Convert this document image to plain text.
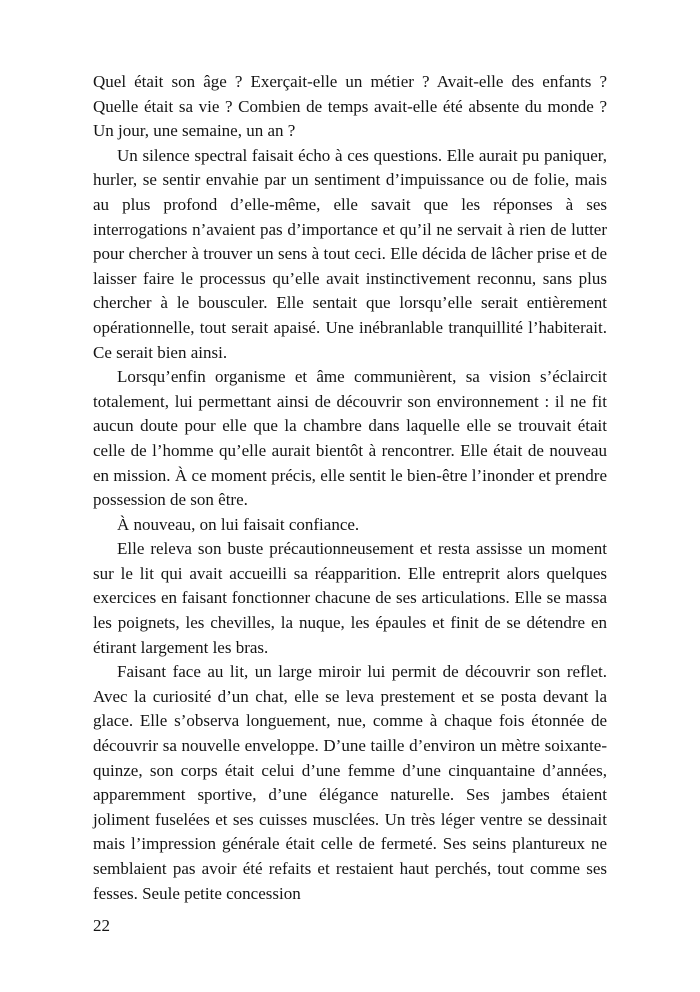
Quel était son âge ? Exerçait-elle un métier ? Avait-elle des enfants ? Quelle était sa vie ? Combien de temps avait-elle été absente du monde ? Un jour, une semaine, un an ?

Un silence spectral faisait écho à ces questions. Elle aurait pu paniquer, hurler, se sentir envahie par un sentiment d’impuissance ou de folie, mais au plus profond d’elle-même, elle savait que les réponses à ses interrogations n’avaient pas d’importance et qu’il ne servait à rien de lutter pour chercher à trouver un sens à tout ceci. Elle décida de lâcher prise et de laisser faire le processus qu’elle avait instinctivement reconnu, sans plus chercher à le bousculer. Elle sentait que lorsqu’elle serait entièrement opérationnelle, tout serait apaisé. Une inébranlable tranquillité l’habiterait. Ce serait bien ainsi.

Lorsqu’enfin organisme et âme communièrent, sa vision s’éclaircit totalement, lui permettant ainsi de découvrir son environnement : il ne fit aucun doute pour elle que la chambre dans laquelle elle se trouvait était celle de l’homme qu’elle aurait bientôt à rencontrer. Elle était de nouveau en mission. À ce moment précis, elle sentit le bien-être l’inonder et prendre possession de son être.

À nouveau, on lui faisait confiance.

Elle releva son buste précautionneusement et resta assisse un moment sur le lit qui avait accueilli sa réapparition. Elle entreprit alors quelques exercices en faisant fonctionner chacune de ses articulations. Elle se massa les poignets, les chevilles, la nuque, les épaules et finit de se détendre en étirant largement les bras.

Faisant face au lit, un large miroir lui permit de découvrir son reflet. Avec la curiosité d’un chat, elle se leva prestement et se posta devant la glace. Elle s’observa longuement, nue, comme à chaque fois étonnée de découvrir sa nouvelle enveloppe. D’une taille d’environ un mètre soixante-quinze, son corps était celui d’une femme d’une cinquantaine d’années, apparemment sportive, d’une élégance naturelle. Ses jambes étaient joliment fuselées et ses cuisses musclées. Un très léger ventre se dessinait mais l’impression générale était celle de fermeté. Ses seins plantureux ne semblaient pas avoir été refaits et restaient haut perchés, tout comme ses fesses. Seule petite concession

22
